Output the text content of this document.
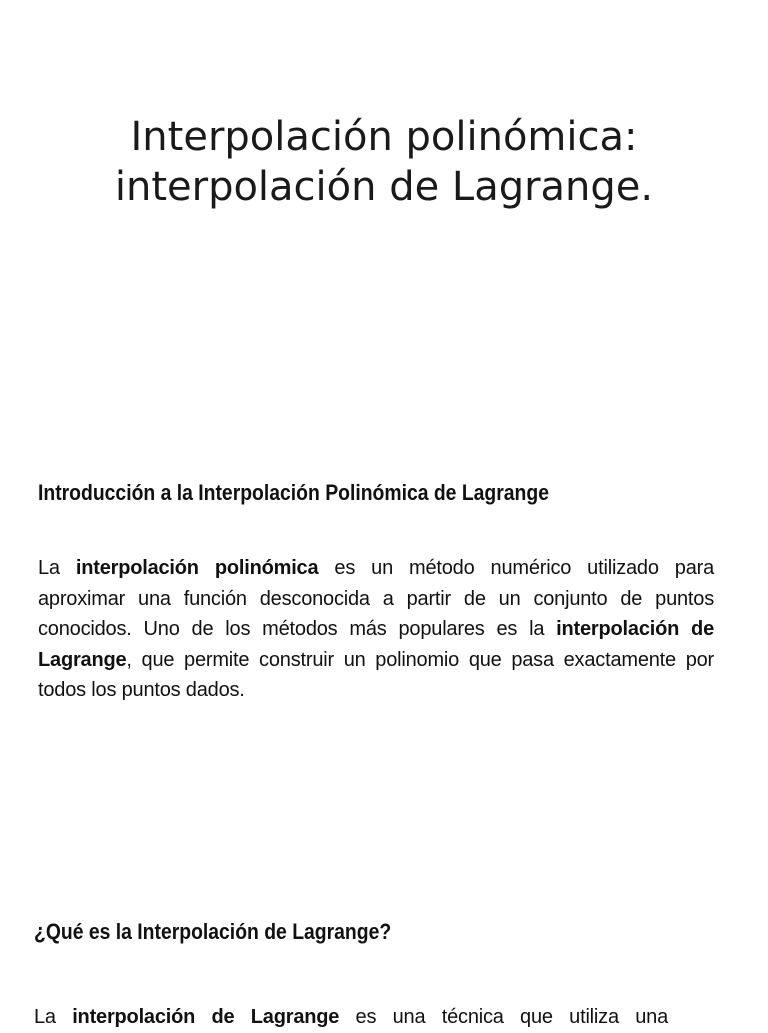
Interpolación polinómica:
interpolación de Lagrange.
Introducción a la Interpolación Polinómica de Lagrange

La interpolación polinómica es un método numérico utilizado para aproximar una función desconocida a partir de un conjunto de puntos conocidos. Uno de los métodos más populares es la interpolación de Lagrange, que permite construir un polinomio que pasa exactamente por todos los puntos dados.

¿Qué es la Interpolación de Lagrange?

La interpolación de Lagrange es una técnica que utiliza una
